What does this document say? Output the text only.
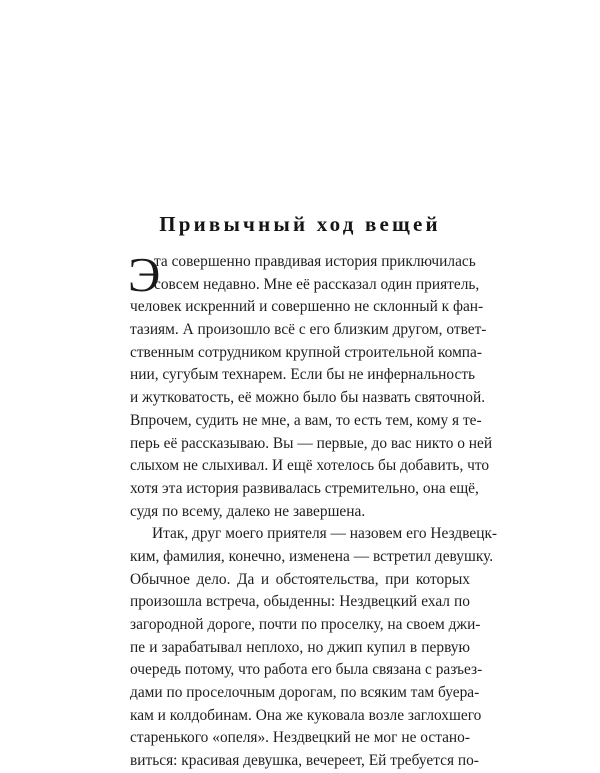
Привычный ход вещей
Э
та совершенно правдивая история приключилась
совсем недавно. Мне её рассказал один приятель,
человек искренний и совершенно не склонный к фан-
тазиям. А произошло всё с его близким другом, ответ-
ственным сотрудником крупной строительной компа-
нии, сугубым технарем. Если бы не инфернальность
и жутковатость, её можно было бы назвать святочной.
Впрочем, судить не мне, а вам, то есть тем, кому я те-
перь её рассказываю. Вы — первые, до вас никто о ней
слыхом не слыхивал. И ещё хотелось бы добавить, что
хотя эта история развивалась стремительно, она ещё,
судя по всему, далеко не завершена.
Итак, друг моего приятеля — назовем его Нездвецк-
ким, фамилия, конечно, изменена — встретил девушку.
Обычное дело. Да и обстоятельства, при которых
произошла встреча, обыденны: Нездвецкий ехал по
загородной дороге, почти по проселку, на своем джи-
пе и зарабатывал неплохо, но джип купил в первую
очередь потому, что работа его была связана с разъез-
дами по проселочным дорогам, по всяким там буера-
кам и колдобинам. Она же куковала возле заглохшего
старенького «опеля». Нездвецкий не мог не остано-
виться: красивая девушка, вечереет, Ей требуется по-
